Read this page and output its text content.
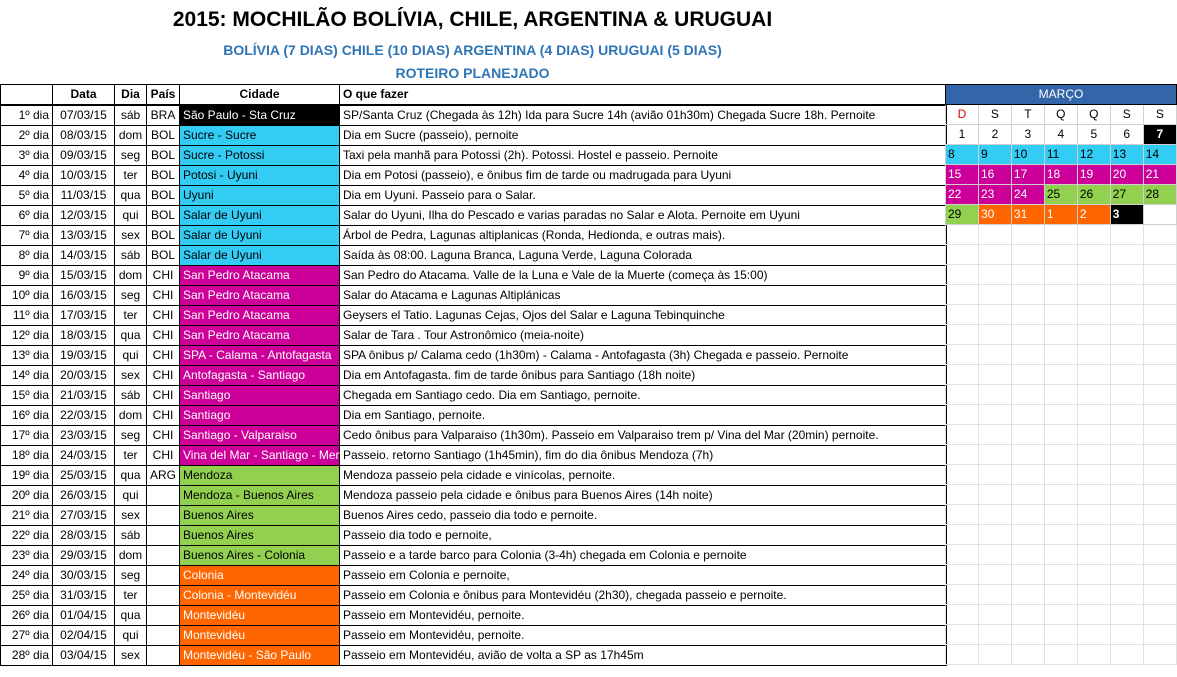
2015: MOCHILÃO BOLÍVIA, CHILE, ARGENTINA & URUGUAI
BOLÍVIA (7 DIAS) CHILE (10 DIAS) ARGENTINA (4 DIAS) URUGUAI (5 DIAS)
ROTEIRO PLANEJADO
	Data	Dia	País	Cidade	O que fazer
1º dia	07/03/15	sáb	BRA	São Paulo - Sta Cruz	SP/Santa Cruz (Chegada às 12h) Ida para Sucre 14h (avião 01h30m) Chegada Sucre 18h. Pernoite
2º dia	08/03/15	dom	BOL	Sucre - Sucre	Dia em Sucre (passeio), pernoite
3º dia	09/03/15	seg	BOL	Sucre - Potossi	Taxi pela manhã para Potossi (2h). Potossi. Hostel e passeio. Pernoite
4º dia	10/03/15	ter	BOL	Potosi - Uyuni	Dia em Potosi (passeio), e ônibus fim de tarde ou madrugada para Uyuni
5º dia	11/03/15	qua	BOL	Uyuni	Dia em Uyuni. Passeio para o Salar.
6º dia	12/03/15	qui	BOL	Salar de Uyuni	Salar do Uyuni, Ilha do Pescado e varias paradas no Salar e Alota. Pernoite em Uyuni
7º dia	13/03/15	sex	BOL	Salar de Uyuni	Árbol de Pedra, Lagunas altiplanicas (Ronda, Hedionda, e outras mais).
8º dia	14/03/15	sáb	BOL	Salar de Uyuni	Saída às 08:00. Laguna Branca, Laguna Verde, Laguna Colorada
9º dia	15/03/15	dom	CHI	San Pedro Atacama	San Pedro do Atacama. Valle de la Luna e Vale de la Muerte (começa às 15:00)
10º dia	16/03/15	seg	CHI	San Pedro Atacama	Salar do Atacama e Lagunas Altiplánicas
11º dia	17/03/15	ter	CHI	San Pedro Atacama	Geysers el Tatio. Lagunas Cejas, Ojos del Salar e Laguna Tebinquinche
12º dia	18/03/15	qua	CHI	San Pedro Atacama	Salar de Tara . Tour Astronômico (meia-noite)
13º dia	19/03/15	qui	CHI	SPA - Calama - Antofagasta	SPA ônibus p/ Calama cedo (1h30m) - Calama - Antofagasta (3h) Chegada e passeio. Pernoite
14º dia	20/03/15	sex	CHI	Antofagasta - Santiago	Dia em Antofagasta. fim de tarde ônibus para Santiago (18h noite)
15º dia	21/03/15	sáb	CHI	Santiago	Chegada em Santiago cedo. Dia em Santiago, pernoite.
16º dia	22/03/15	dom	CHI	Santiago	Dia em Santiago, pernoite.
17º dia	23/03/15	seg	CHI	Santiago - Valparaiso	Cedo ônibus para Valparaiso (1h30m). Passeio em Valparaiso trem p/ Vina del Mar (20min) pernoite.
18º dia	24/03/15	ter	CHI	Vina del Mar - Santiago - Mendoza	Passeio. retorno Santiago (1h45min), fim do dia ônibus Mendoza (7h)
19º dia	25/03/15	qua	ARG	Mendoza	Mendoza passeio pela cidade e vinícolas, pernoite.
20º dia	26/03/15	qui		Mendoza - Buenos Aires	Mendoza passeio pela cidade e ônibus para Buenos Aires (14h noite)
21º dia	27/03/15	sex		Buenos Aires	Buenos Aires cedo, passeio dia todo e pernoite.
22º dia	28/03/15	sáb		Buenos Aires	Passeio dia todo e pernoite,
23º dia	29/03/15	dom		Buenos Aires - Colonia	Passeio e a tarde barco para Colonia (3-4h) chegada em Colonia e pernoite
24º dia	30/03/15	seg		Colonia	Passeio em Colonia e pernoite,
25º dia	31/03/15	ter		Colonia - Montevidéu	Passeio em Colonia e ônibus para Montevidéu (2h30), chegada passeio e pernoite.
26º dia	01/04/15	qua		Montevidéu	Passeio em Montevidéu, pernoite.
27º dia	02/04/15	qui		Montevidéu	Passeio em Montevidéu, pernoite.
28º dia	03/04/15	sex		Montevidéu - São Paulo	Passeio em Montevidéu, avião de volta a SP as 17h45m
MARÇO						
D	S	T	Q	Q	S	S
1	2	3	4	5	6	7
8	9	10	11	12	13	14
15	16	17	18	19	20	21
22	23	24	25	26	27	28
29	30	31	1	2	3	
